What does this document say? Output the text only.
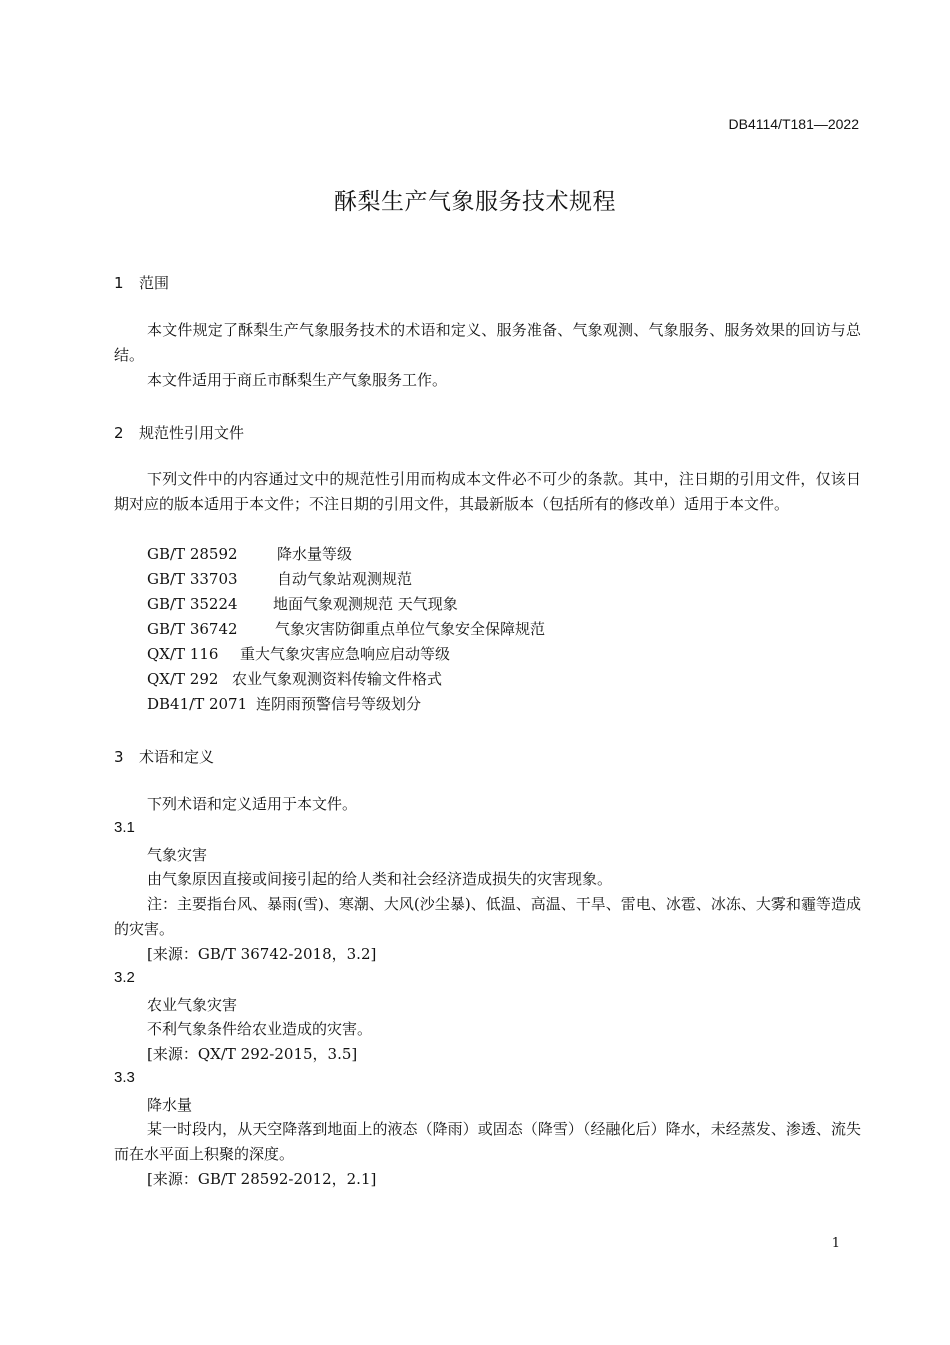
DB4114/T181—2022
酥梨生产气象服务技术规程
1 范围
本文件规定了酥梨生产气象服务技术的术语和定义、服务准备、气象观测、气象服务、服务效果的回访与总结。
本文件适用于商丘市酥梨生产气象服务工作。
2 规范性引用文件
下列文件中的内容通过文中的规范性引用而构成本文件必不可少的条款。其中，注日期的引用文件，仅该日期对应的版本适用于本文件；不注日期的引用文件，其最新版本（包括所有的修改单）适用于本文件。
GB/T 28592	降水量等级
GB/T 33703	自动气象站观测规范
GB/T 35224 地面气象观测规范 天气现象
GB/T 36742 气象灾害防御重点单位气象安全保障规范
QX/T 116 重大气象灾害应急响应启动等级
QX/T 292 农业气象观测资料传输文件格式
DB41/T 2071 连阴雨预警信号等级划分
3 术语和定义
下列术语和定义适用于本文件。
3.1
气象灾害
由气象原因直接或间接引起的给人类和社会经济造成损失的灾害现象。
注：主要指台风、暴雨(雪)、寒潮、大风(沙尘暴)、低温、高温、干旱、雷电、冰雹、冰冻、大雾和霾等造成的灾害。
[来源：GB/T 36742-2018，3.2]
3.2
农业气象灾害
不利气象条件给农业造成的灾害。
[来源：QX/T 292-2015，3.5]
3.3
降水量
某一时段内，从天空降落到地面上的液态（降雨）或固态（降雪）（经融化后）降水，未经蒸发、渗透、流失而在水平面上积聚的深度。
[来源：GB/T 28592-2012，2.1]
1
